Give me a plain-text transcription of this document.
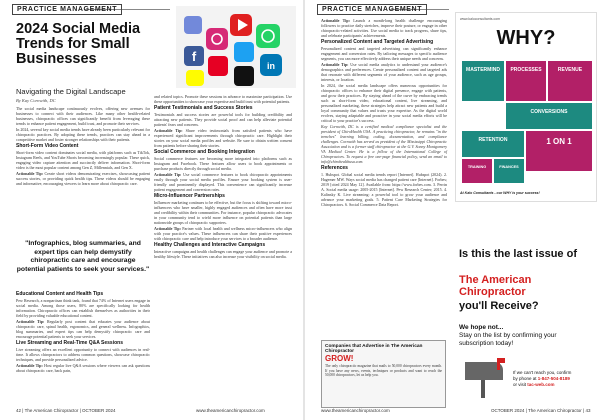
PRACTICE MANAGEMENT
2024 Social Media Trends for Small Businesses
Navigating the Digital Landscape
By Kay Cornwith, DC
f
in

The social media landscape continuously evolves, offering new avenues for businesses to connect with their audiences. Like many other health-related businesses, chiropractic offices can significantly benefit from leveraging these trends to enhance patient engagement, build trust, and promote their services.

In 2024, several key social media trends have already been particularly relevant for chiropractic practices. By adopting these trends, practices can stay ahead in a competitive market and foster stronger relationships with their patients.

Short-Form Video Content

Short-form video content dominates social media, with platforms such as TikTok, Instagram Reels, and YouTube Shorts becoming increasingly popular. These quick, engaging video capture attention and succinctly deliver information. Short-form video is the most popular content among Gen Z, Millennials, and Gen X.

Actionable Tip: Create short videos demonstrating exercises, showcasing patient success stories, or providing quick health tips. These videos should be engaging and informative, encouraging viewers to learn more about chiropractic care.

"Infographics, blog summaries, and expert tips can help demystify chiropractic care and encourage potential patients to seek your services."
Educational Content and Health Tips

Pew Research, a nonpartisan think tank, found that 74% of Internet users engage in social media. Among those users, 80% are specifically looking for health information. Chiropractic offices can establish themselves as authorities in their field by providing valuable educational content.

Actionable Tip: Regularly post content that educates your audience about chiropractic care, spinal health, ergonomics, and general wellness. Infographics, blog summaries, and expert tips can help demystify chiropractic care and encourage potential patients to seek your services.

Live Streaming and Real-Time Q&A Sessions

Live streaming offers an excellent opportunity to connect with audiences in real-time. It allows chiropractors to address common questions, showcase chiropractic techniques, and provide personalized advice.

Actionable Tip: Host regular live Q&A sessions where viewers can ask questions about chiropractic care, back pain,

and related topics. Promote these sessions in advance to maximize participation. Use these opportunities to showcase your expertise and build trust with potential patients.

Patient Testimonials and Success Stories

Testimonials and success stories are powerful tools for building credibility and attracting new patients. They provide social proof and can help alleviate potential patients' fears and concerns.

Actionable Tip: Share video testimonials from satisfied patients who have experienced significant improvements through chiropractic care. Highlight their stories on your social media profiles and website. Be sure to obtain written consent from patients before sharing their stories.

Social Commerce and Booking Integration

Social commerce features are becoming more integrated into platforms such as Instagram and Facebook. These features allow users to book appointments or purchase products directly through social media.

Actionable Tip: Use social commerce features to book chiropractic appointments easily through your social media profiles. Ensure your booking system is user-friendly and prominently displayed. This convenience can significantly increase patient engagement and conversion rates.

Micro-Influencer Partnerships

Influencer marketing continues to be effective, but the focus is shifting toward micro-influencers who have smaller, highly engaged audiences and often have more trust and credibility within their communities. For instance, popular chiropractic advocates in your community tend to wield more influence on potential patients than large nationwide groups of chiropractic supporters.

Actionable Tip: Partner with local health and wellness micro-influencers who align with your practice's values. These influencers can share their positive experiences with chiropractic care and help introduce your services to a broader audience.

Healthy Challenges and Interactive Campaigns

Interactive campaigns and health challenges can engage your audience and promote a healthy lifestyle. These initiatives can also increase your visibility on social media.

42 | The American Chiropractor | OCTOBER 2024	www.theamericanchiropractor.com
PRACTICE MANAGEMENT

Actionable Tip: Launch a month-long health challenge encouraging followers to practice daily stretches, improve their posture, or engage in other chiropractic-related activities. Use social media to track progress, share tips, and celebrate participants' achievements.

Personalized Content and Targeted Advertising

Personalized content and targeted advertising can significantly enhance engagement and conversion rates. By tailoring messages to specific audience segments, you can more effectively address their unique needs and concerns.

Actionable Tip: Use social media analytics to understand your audience's demographics and preferences. Create personalized content and targeted ads that resonate with different segments of your audience, such as age groups, interests, or location.

In 2024, the social media landscape offers numerous opportunities for chiropractic offices to enhance their digital presence, engage with patients, and grow their practices. By staying ahead of the curve by embracing trends such as short-form video, educational content, live streaming, and personalized marketing, these strategies help attract new patients and build a loyal community that values and trusts your expertise. As the digital world evolves, staying adaptable and proactive in your social media efforts will be critical to your practice's success.

Kay Cornwith, DC is a certified medical compliance specialist and the president of ChiroHealth USA. A practicing chiropractor, he remains "in the trenches" learning billing, coding, documentation, and compliance challenges. Cornwith has served as president of the Mississippi Chiropractic Association and is a former staff chiropractor at the G.V. Sonny Montgomery VA Medical Center. He is a fellow of the International College of Chiropractors. To request a free one-page financial policy, send an email to info@chirohealthusa.com.

References

1. Hubspot. Global social media trends report [Internet]. Hubspot (2024). 2. Hagemer MW. Ways social media has changed patient care [Internet]. Forbes; 2019 [cited 2024 May 12]. Available from: https://www.forbes.com. 3. Perrin A. Social media usage: 2005-2015 [Internet]. Pew Research Center; 2015. 4. Kalinsky K. Live streaming: a powerful tool to grow your audience and advance your marketing goals. 5. Patient Care Marketing Strategies for Chiropractors. 6. Social Commerce Data Report.

Companies that Advertise in The American Chiropractor
GROW!
The only chiropractic magazine that mails to 50,000 chiropractors every month. If you have any news, events, techniques or products and want to reach the 50,000 chiropractors, let us help you.
www.kaloconsultants.com
WHY?
MASTERMIND	PROCESSES	REVENUE
CONVERSIONS
RETENTION	1 ON 1
TRAINING	FINANCES
At Kalo Consultants - our WHY is your success!
Is this the last issue of
The American Chiropractor
you'll Receive?
We hope not...
Stay on the list by confirming your subscription today!
If we can't reach you, confirm
by phone at 1-847-504-8189
or visit tac-web.com
www.theamericanchiropractor.com	OCTOBER 2024 | The American Chiropractor | 43
